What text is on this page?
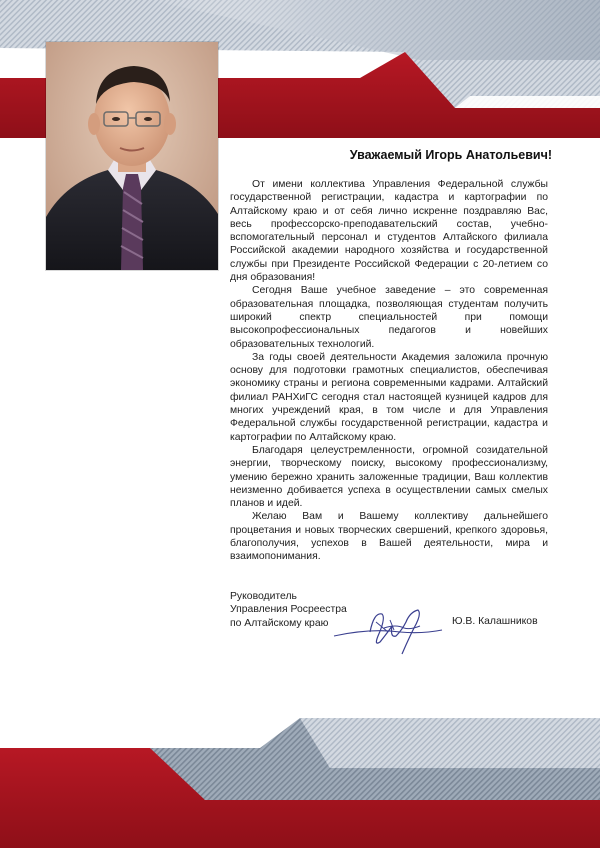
Уважаемый Игорь Анатольевич!

От имени коллектива Управления Федеральной службы государственной регистрации, кадастра и картографии по Алтайскому краю и от себя лично искренне поздравляю Вас, весь профессорско-преподавательский состав, учебно-вспомогательный персонал и студентов Алтайского филиала Российской академии народного хозяйства и государственной службы при Президенте Российской Федерации с 20-летием со дня образования!

Сегодня Ваше учебное заведение – это современная образовательная площадка, позволяющая студентам получить широкий спектр специальностей при помощи высокопрофессиональных педагогов и новейших образовательных технологий.

За годы своей деятельности Академия заложила прочную основу для подготовки грамотных специалистов, обеспечивая экономику страны и региона современными кадрами. Алтайский филиал РАНХиГС сегодня стал настоящей кузницей кадров для многих учреждений края, в том числе и для Управления Федеральной службы государственной регистрации, кадастра и картографии по Алтайскому краю.

Благодаря целеустремленности, огромной созидательной энергии, творческому поиску, высокому профессионализму, умению бережно хранить заложенные традиции, Ваш коллектив неизменно добивается успеха в осуществлении самых смелых планов и идей.

Желаю Вам и Вашему коллективу дальнейшего процветания и новых творческих свершений, крепкого здоровья, благополучия, успехов в Вашей деятельности, мира и взаимопонимания.

Руководитель
Управления Росреестра
по Алтайскому краю	Ю.В. Калашников
